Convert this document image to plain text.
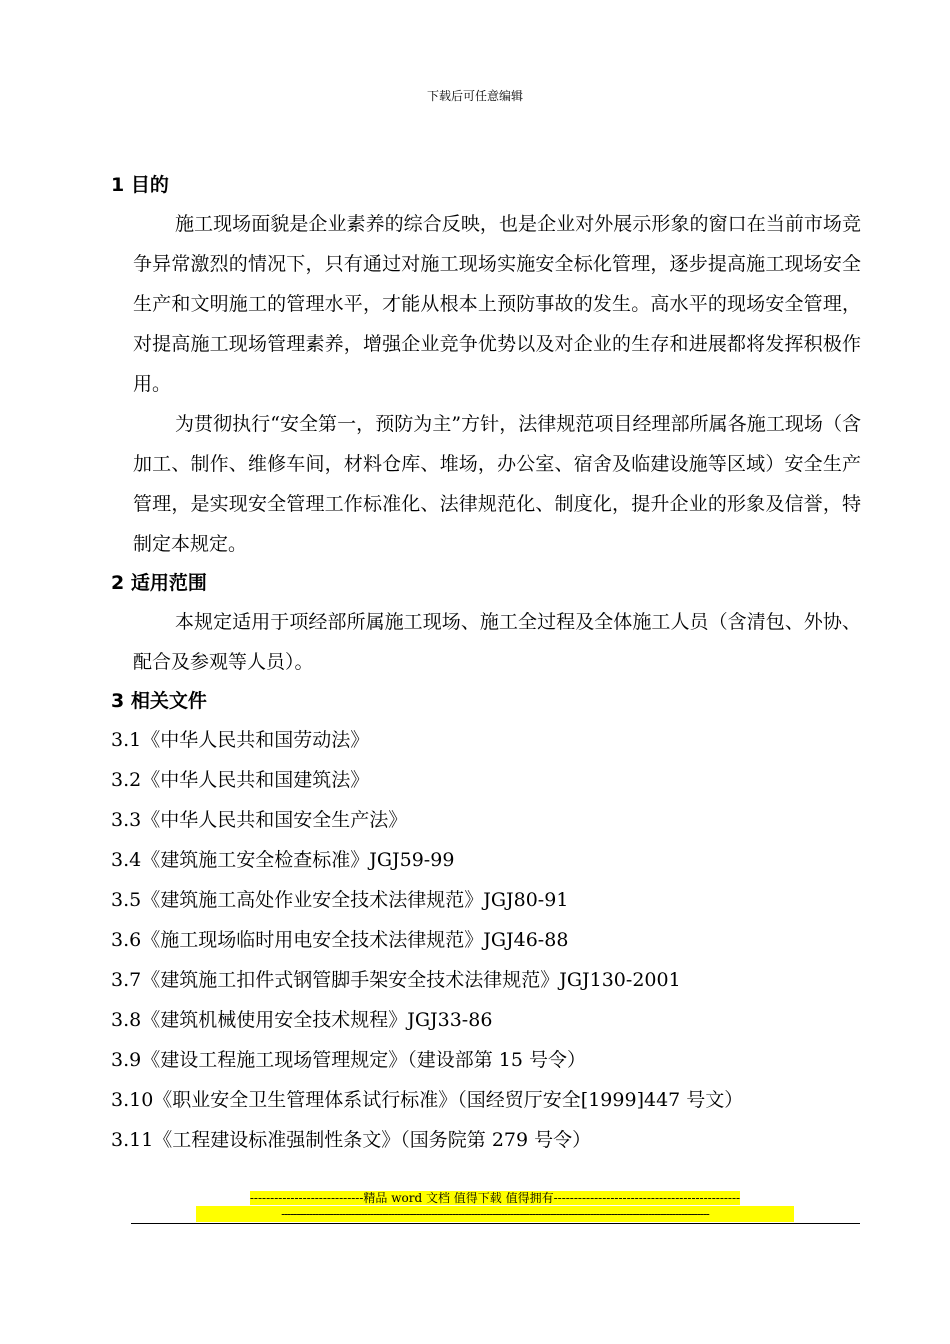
下载后可任意编辑
1 目的

施工现场面貌是企业素养的综合反映，也是企业对外展示形象的窗口在当前市场竞争异常激烈的情况下，只有通过对施工现场实施安全标化管理，逐步提高施工现场安全生产和文明施工的管理水平，才能从根本上预防事故的发生。高水平的现场安全管理，对提高施工现场管理素养，增强企业竞争优势以及对企业的生存和进展都将发挥积极作用。

为贯彻执行“安全第一，预防为主”方针，法律规范项目经理部所属各施工现场（含加工、制作、维修车间，材料仓库、堆场，办公室、宿舍及临建设施等区域）安全生产管理，是实现安全管理工作标准化、法律规范化、制度化，提升企业的形象及信誉，特制定本规定。

2 适用范围

本规定适用于项经部所属施工现场、施工全过程及全体施工人员（含清包、外协、配合及参观等人员）。

3 相关文件

3.1《中华人民共和国劳动法》

3.2《中华人民共和国建筑法》

3.3《中华人民共和国安全生产法》

3.4《建筑施工安全检查标准》JGJ59-99

3.5《建筑施工高处作业安全技术法律规范》JGJ80-91

3.6《施工现场临时用电安全技术法律规范》JGJ46-88

3.7《建筑施工扣件式钢管脚手架安全技术法律规范》JGJ130-2001

3.8《建筑机械使用安全技术规程》JGJ33-86

3.9《建设工程施工现场管理规定》（建设部第 15 号令）

3.10《职业安全卫生管理体系试行标准》（国经贸厅安全[1999]447 号文）

3.11《工程建设标准强制性条文》（国务院第 279 号令）

----------------------------精品 word 文档 值得下载 值得拥有----------------------------------------------
--------------------------------------------------------------------------------------------------------------------------------------------
